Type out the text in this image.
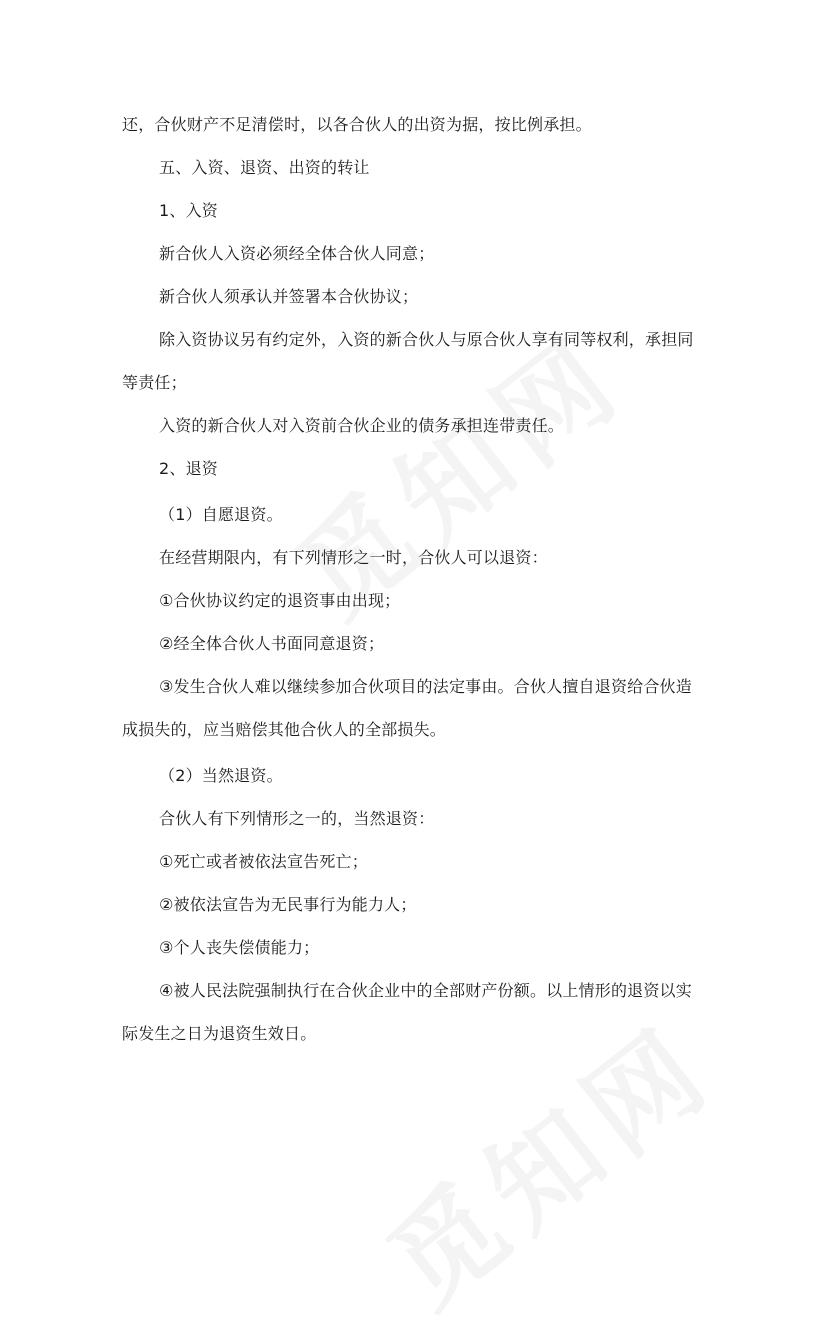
还，合伙财产不足清偿时，以各合伙人的出资为据，按比例承担。
五、入资、退资、出资的转让
1、入资
新合伙人入资必须经全体合伙人同意；
新合伙人须承认并签署本合伙协议；
除入资协议另有约定外，入资的新合伙人与原合伙人享有同等权利，承担同
等责任；
入资的新合伙人对入资前合伙企业的债务承担连带责任。
2、退资
（1）自愿退资。
在经营期限内，有下列情形之一时，合伙人可以退资：
①合伙协议约定的退资事由出现；
②经全体合伙人书面同意退资；
③发生合伙人难以继续参加合伙项目的法定事由。合伙人擅自退资给合伙造
成损失的，应当赔偿其他合伙人的全部损失。
（2）当然退资。
合伙人有下列情形之一的，当然退资：
①死亡或者被依法宣告死亡；
②被依法宣告为无民事行为能力人；
③个人丧失偿债能力；
④被人民法院强制执行在合伙企业中的全部财产份额。以上情形的退资以实
际发生之日为退资生效日。
